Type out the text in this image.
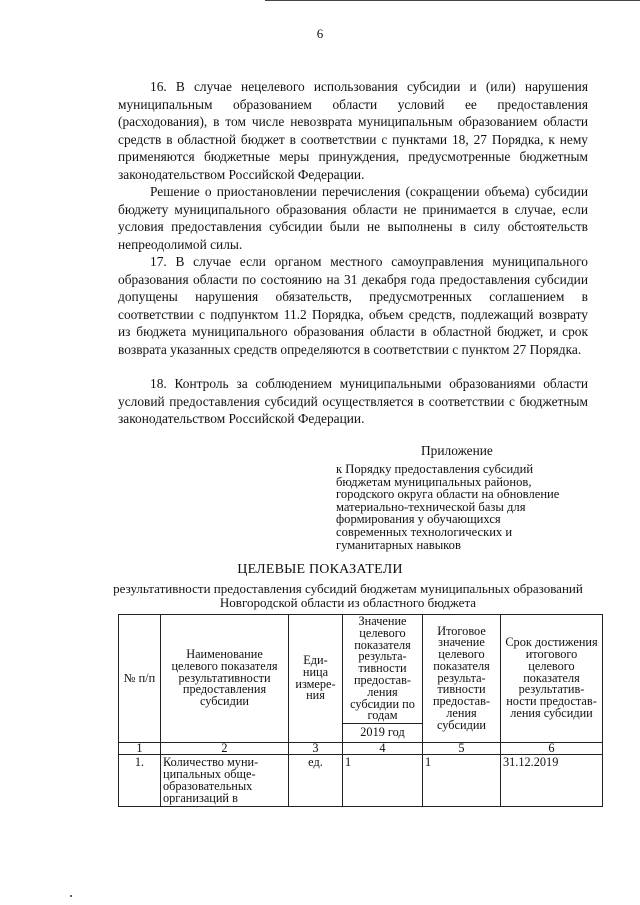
6

16. В случае нецелевого использования субсидии и (или) нарушения муниципальным образованием области условий ее предоставления (расходования), в том числе невозврата муниципальным образованием области средств в областной бюджет в соответствии с пунктами 18, 27 Порядка, к нему применяются бюджетные меры принуждения, предусмотренные бюджетным законодательством Российской Федерации.

Решение о приостановлении перечисления (сокращении объема) субсидии бюджету муниципального образования области не принимается в случае, если условия предоставления субсидии были не выполнены в силу обстоятельств непреодолимой силы.

17. В случае если органом местного самоуправления муниципального образования области по состоянию на 31 декабря года предоставления субсидии допущены нарушения обязательств, предусмотренных соглашением в соответствии с подпунктом 11.2 Порядка, объем средств, подлежащий возврату из бюджета муниципального образования области в областной бюджет, и срок возврата указанных средств определяются в соответствии с пунктом 27 Порядка.

18. Контроль за соблюдением муниципальными образованиями области условий предоставления субсидий осуществляется в соответствии с бюджетным законодательством Российской Федерации.

Приложение
к Порядку предоставления субсидий бюджетам муниципальных районов, городского округа области на обновление материально-технической базы для формирования у обучающихся современных технологических и гуманитарных навыков
ЦЕЛЕВЫЕ ПОКАЗАТЕЛИ
результативности предоставления субсидий бюджетам муниципальных образований Новгородской области из областного бюджета
№ п/п	Наименование целевого показателя результативности предоставления субсидии	Еди- ница измере- ния	Значение целевого показателя результа- тивности предостав- ления субсидии по годам	Итоговое значение целевого показателя результа- тивности предостав- ления субсидии	Срок достижения итогового целевого показателя результатив- ности предостав- ления субсидии
			2019 год		
1	2	3	4	5	6
1.	Количество муни- ципальных обще- образовательных организаций в	ед.	1	1	31.12.2019
